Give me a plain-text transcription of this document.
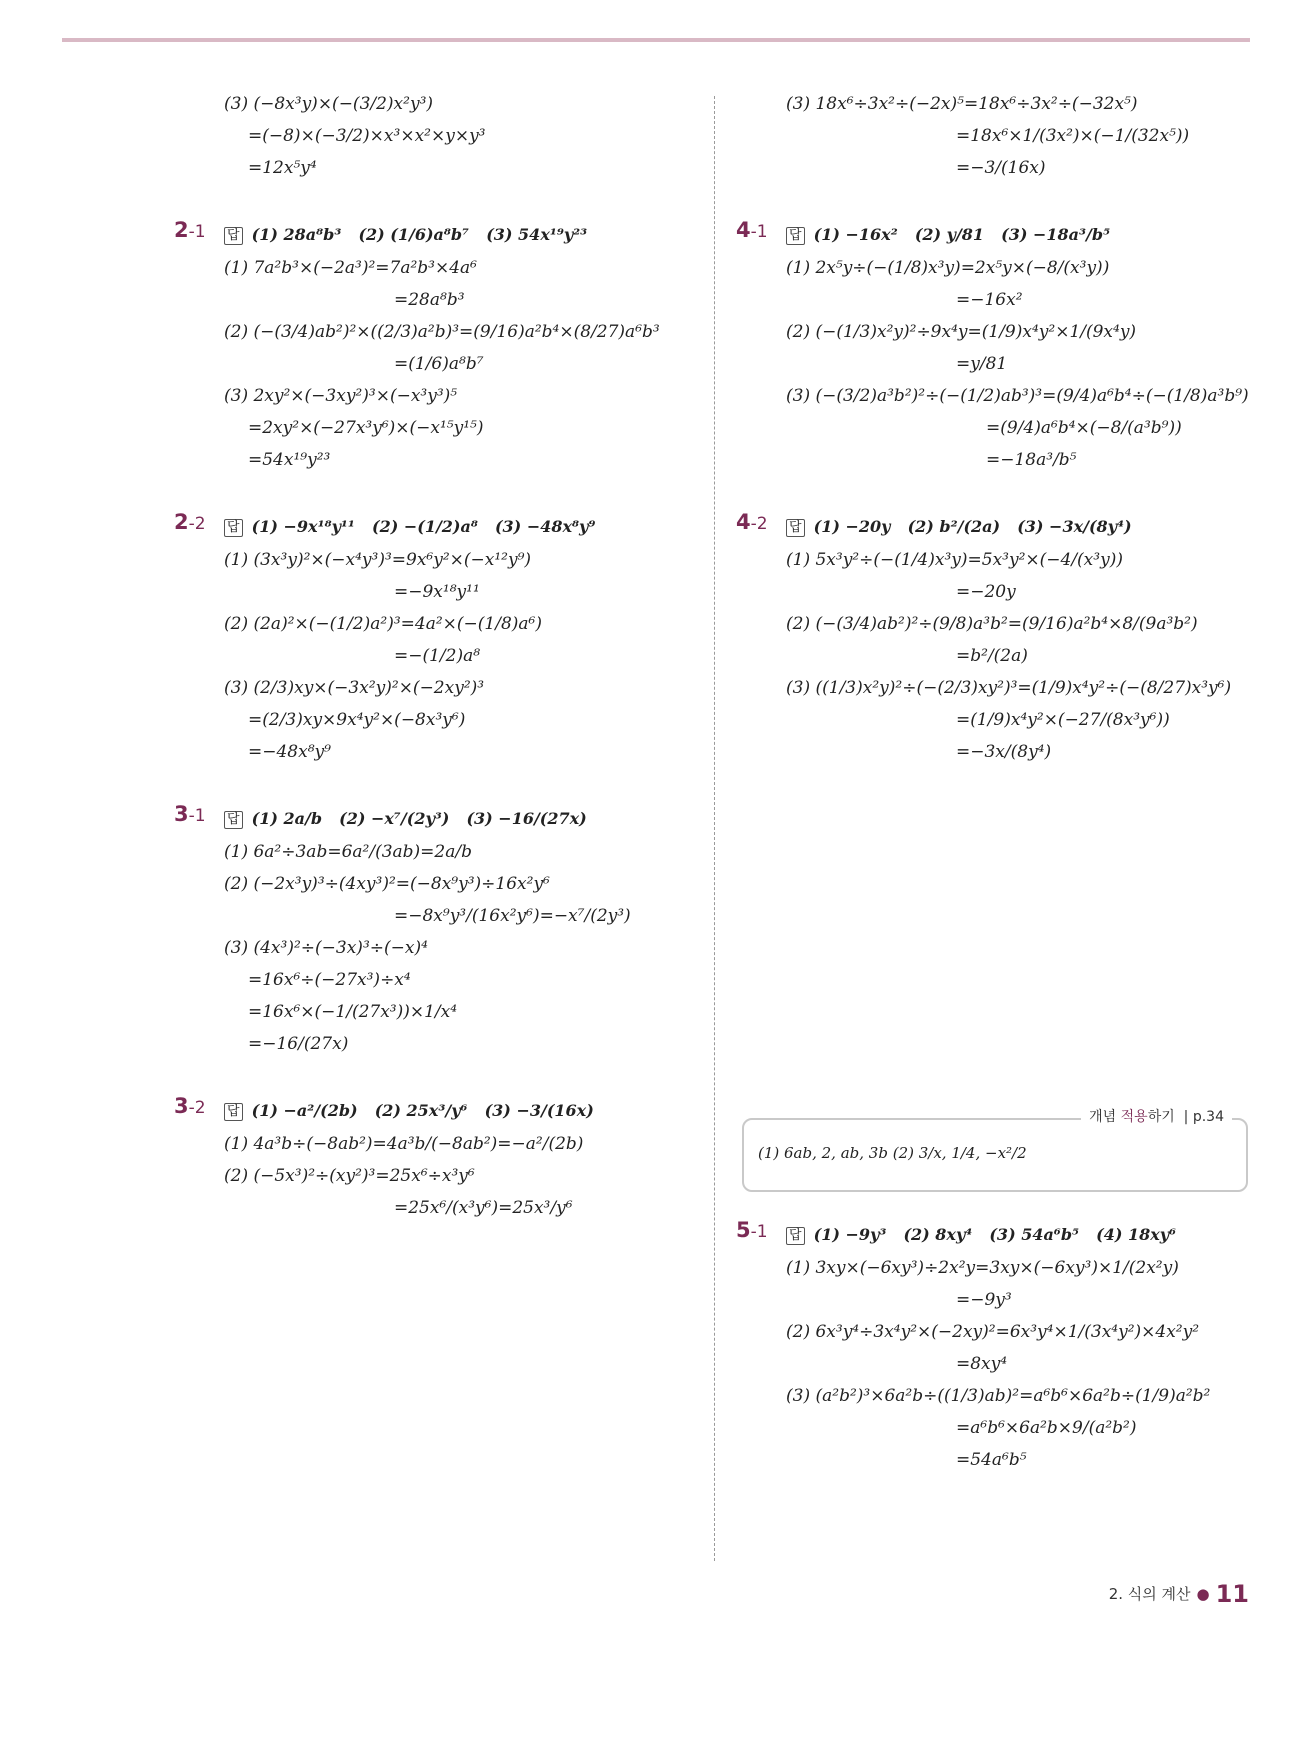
(3) (−8x³y)×(−(3/2)x²y³)
=(−8)×(−3/2)×x³×x²×y×y³
=12x⁵y⁴
2-1 답 (1) 28a⁸b³ (2) (1/6)a⁸b⁷ (3) 54x¹⁹y²³
(1) 7a²b³×(−2a³)²=7a²b³×4a⁶
=28a⁸b³
(2) (−(3/4)ab²)²×((2/3)a²b)³=(9/16)a²b⁴×(8/27)a⁶b³
=(1/6)a⁸b⁷
(3) 2xy²×(−3xy²)³×(−x³y³)⁵
=2xy²×(−27x³y⁶)×(−x¹⁵y¹⁵)
=54x¹⁹y²³
2-2 답 (1) −9x¹⁸y¹¹ (2) −(1/2)a⁸ (3) −48x⁸y⁹
(1) (3x³y)²×(−x⁴y³)³=9x⁶y²×(−x¹²y⁹)
=−9x¹⁸y¹¹
(2) (2a)²×(−(1/2)a²)³=4a²×(−(1/8)a⁶)
=−(1/2)a⁸
(3) (2/3)xy×(−3x²y)²×(−2xy²)³
=(2/3)xy×9x⁴y²×(−8x³y⁶)
=−48x⁸y⁹
3-1 답 (1) 2a/b (2) −x⁷/(2y³) (3) −16/(27x)
(1) 6a²÷3ab=6a²/(3ab)=2a/b
(2) (−2x³y)³÷(4xy³)²=(−8x⁹y³)÷16x²y⁶
=−8x⁹y³/(16x²y⁶)=−x⁷/(2y³)
(3) (4x³)²÷(−3x)³÷(−x)⁴
=16x⁶÷(−27x³)÷x⁴
=16x⁶×(−1/(27x³))×1/x⁴
=−16/(27x)
3-2 답 (1) −a²/(2b) (2) 25x³/y⁶ (3) −3/(16x)
(1) 4a³b÷(−8ab²)=4a³b/(−8ab²)=−a²/(2b)
(2) (−5x³)²÷(xy²)³=25x⁶÷x³y⁶
=25x⁶/(x³y⁶)=25x³/y⁶
(3) 18x⁶÷3x²÷(−2x)⁵=18x⁶÷3x²÷(−32x⁵)
=18x⁶×1/(3x²)×(−1/(32x⁵))
=−3/(16x)
4-1 답 (1) −16x² (2) y/81 (3) −18a³/b⁵
(1) 2x⁵y÷(−(1/8)x³y)=2x⁵y×(−8/(x³y))
=−16x²
(2) (−(1/3)x²y)²÷9x⁴y=(1/9)x⁴y²×1/(9x⁴y)
=y/81
(3) (−(3/2)a³b²)²÷(−(1/2)ab³)³=(9/4)a⁶b⁴÷(−(1/8)a³b⁹)
=(9/4)a⁶b⁴×(−8/(a³b⁹))
=−18a³/b⁵
4-2 답 (1) −20y (2) b²/(2a) (3) −3x/(8y⁴)
(1) 5x³y²÷(−(1/4)x³y)=5x³y²×(−4/(x³y))
=−20y
(2) (−(3/4)ab²)²÷(9/8)a³b²=(9/16)a²b⁴×8/(9a³b²)
=b²/(2a)
(3) ((1/3)x²y)²÷(−(2/3)xy²)³=(1/9)x⁴y²÷(−(8/27)x³y⁶)
=(1/9)x⁴y²×(−27/(8x³y⁶))
=−3x/(8y⁴)
개념 적용하기 | p.34
(1) 6ab, 2, ab, 3b (2) 3/x, 1/4, −x²/2
5-1 답 (1) −9y³ (2) 8xy⁴ (3) 54a⁶b⁵ (4) 18xy⁶
(1) 3xy×(−6xy³)÷2x²y=3xy×(−6xy³)×1/(2x²y)
=−9y³
(2) 6x³y⁴÷3x⁴y²×(−2xy)²=6x³y⁴×1/(3x⁴y²)×4x²y²
=8xy⁴
(3) (a²b²)³×6a²b÷((1/3)ab)²=a⁶b⁶×6a²b÷(1/9)a²b²
=a⁶b⁶×6a²b×9/(a²b²)
=54a⁶b⁵
2. 식의 계산 ● 11
